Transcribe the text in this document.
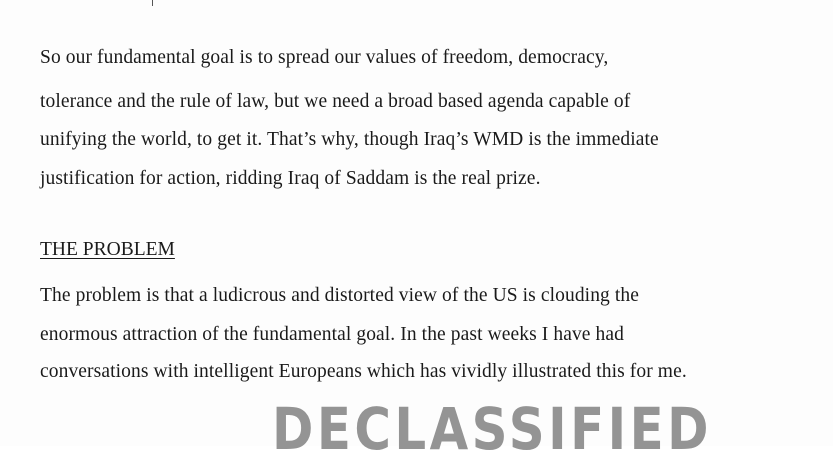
So our fundamental goal is to spread our values of freedom, democracy,
tolerance and the rule of law, but we need a broad based agenda capable of
unifying the world, to get it. That’s why, though Iraq’s WMD is the immediate
justification for action, ridding Iraq of Saddam is the real prize.
THE PROBLEM
The problem is that a ludicrous and distorted view of the US is clouding the
enormous attraction of the fundamental goal. In the past weeks I have had
conversations with intelligent Europeans which has vividly illustrated this for me.
DECLASSIFIED
